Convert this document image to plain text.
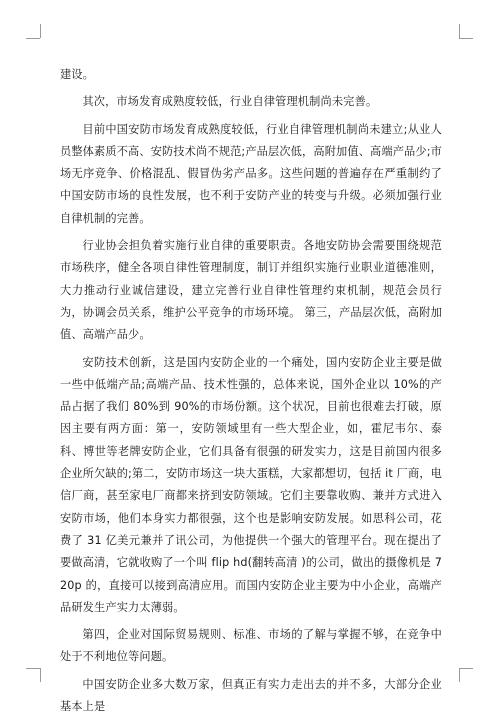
建设。

其次，市场发育成熟度较低，行业自律管理机制尚未完善。

目前中国安防市场发育成熟度较低，行业自律管理机制尚未建立;从业人员整体素质不高、安防技术尚不规范;产品层次低，高附加值、高端产品少;市场无序竞争、价格混乱、假冒伪劣产品多。这些问题的普遍存在严重制约了中国安防市场的良性发展，也不利于安防产业的转变与升级。必须加强行业自律机制的完善。

行业协会担负着实施行业自律的重要职责。各地安防协会需要围绕规范市场秩序，健全各项自律性管理制度，制订并组织实施行业职业道德准则，大力推动行业诚信建设，建立完善行业自律性管理约束机制，规范会员行为，协调会员关系，维护公平竞争的市场环境。 第三，产品层次低，高附加值、高端产品少。

安防技术创新，这是国内安防企业的一个痛处，国内安防企业主要是做一些中低端产品;高端产品、技术性强的，总体来说，国外企业以 10%的产品占据了我们 80%到 90%的市场份额。这个状况，目前也很难去打破，原因主要有两方面：第一，安防领域里有一些大型企业，如，霍尼韦尔、泰科、博世等老牌安防企业，它们具备有很强的研发实力，这是目前国内很多企业所欠缺的;第二，安防市场这一块大蛋糕，大家都想切，包括 it 厂商，电信厂商，甚至家电厂商都来挤到安防领域。它们主要靠收购、兼并方式进入安防市场，他们本身实力都很强，这个也是影响安防发展。如思科公司，花费了 31 亿美元兼并了讯公司，为他提供一个强大的管理平台。现在提出了要做高清，它就收购了一个叫 flip hd(翻转高清 )的公司，做出的摄像机是 720p 的，直接可以接到高清应用。而国内安防企业主要为中小企业，高端产品研发生产实力太薄弱。

第四，企业对国际贸易规则、标准、市场的了解与掌握不够，在竞争中处于不利地位等问题。

中国安防企业多大数万家，但真正有实力走出去的并不多，大部分企业基本上是
